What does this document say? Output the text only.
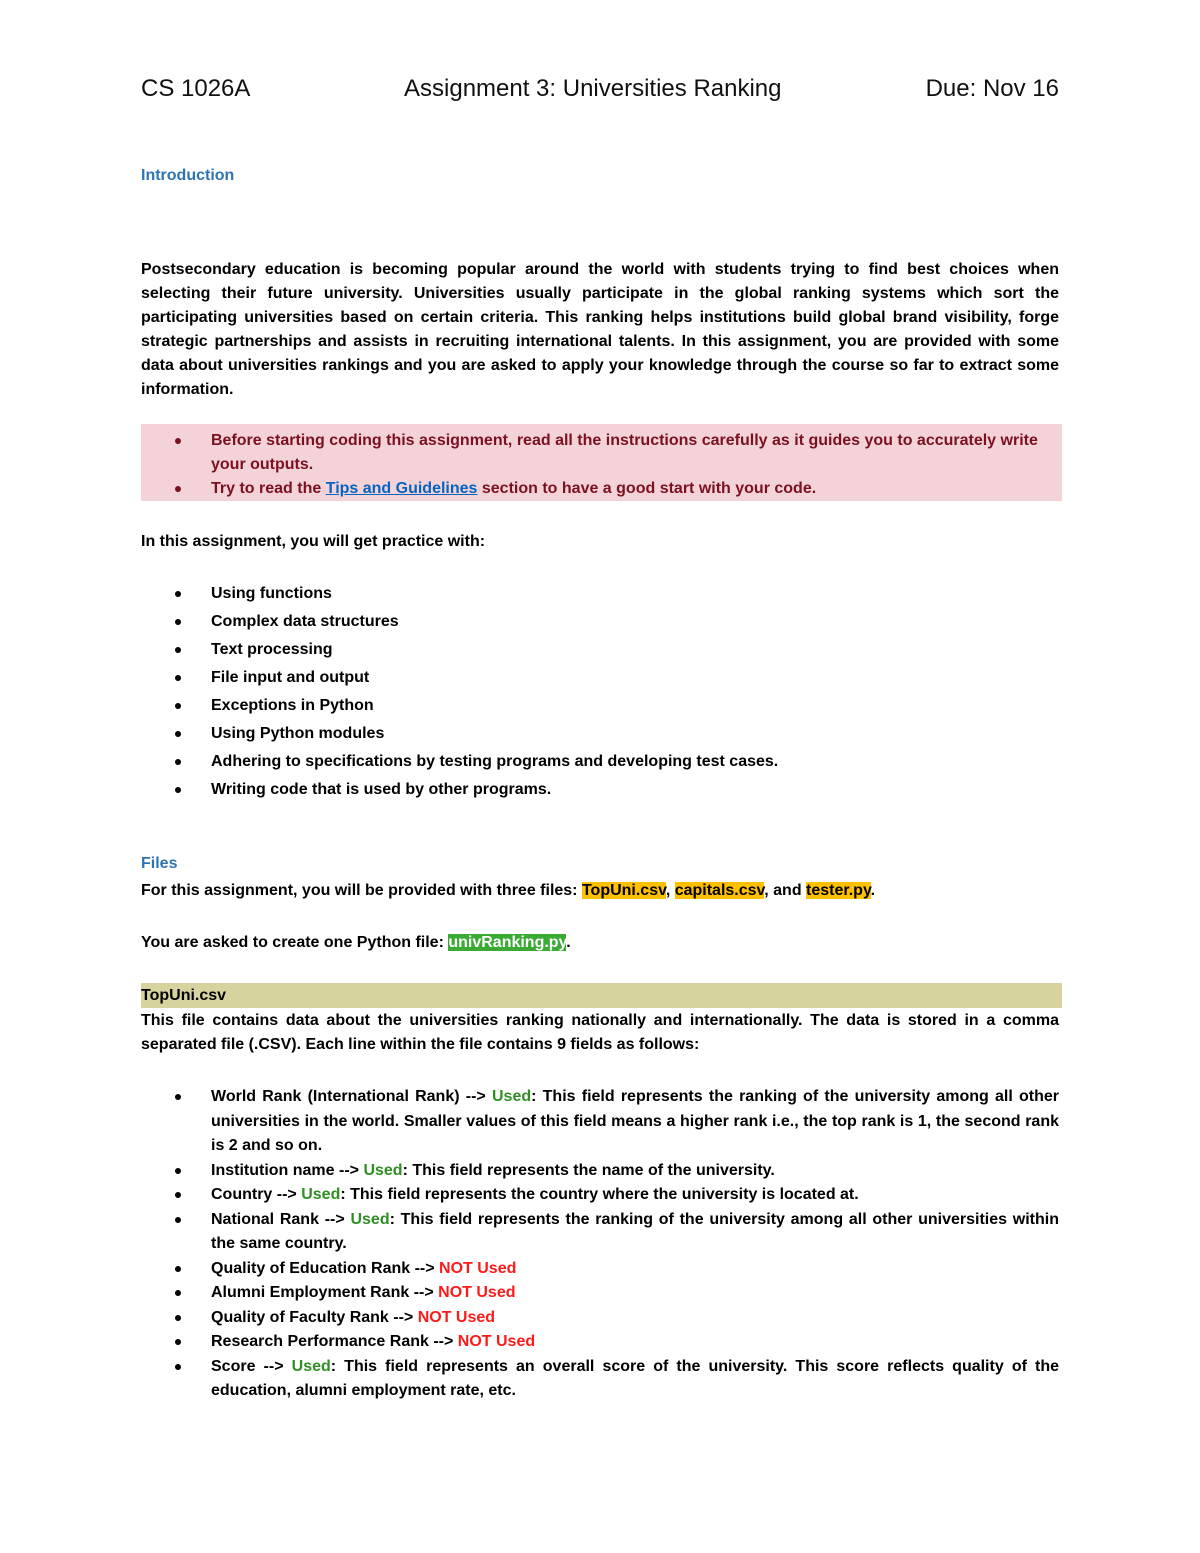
CS 1026A	Assignment 3: Universities Ranking	Due: Nov 16
Introduction
Postsecondary education is becoming popular around the world with students trying to find best choices when selecting their future university. Universities usually participate in the global ranking systems which sort the participating universities based on certain criteria. This ranking helps institutions build global brand visibility, forge strategic partnerships and assists in recruiting international talents. In this assignment, you are provided with some data about universities rankings and you are asked to apply your knowledge through the course so far to extract some information.
Before starting coding this assignment, read all the instructions carefully as it guides you to accurately write your outputs.
Try to read the Tips and Guidelines section to have a good start with your code.
In this assignment, you will get practice with:
Using functions
Complex data structures
Text processing
File input and output
Exceptions in Python
Using Python modules
Adhering to specifications by testing programs and developing test cases.
Writing code that is used by other programs.
Files
For this assignment, you will be provided with three files: TopUni.csv, capitals.csv, and tester.py.
You are asked to create one Python file: univRanking.py.
TopUni.csv
This file contains data about the universities ranking nationally and internationally. The data is stored in a comma separated file (.CSV). Each line within the file contains 9 fields as follows:
World Rank (International Rank) --> Used: This field represents the ranking of the university among all other universities in the world. Smaller values of this field means a higher rank i.e., the top rank is 1, the second rank is 2 and so on.
Institution name --> Used: This field represents the name of the university.
Country --> Used: This field represents the country where the university is located at.
National Rank --> Used: This field represents the ranking of the university among all other universities within the same country.
Quality of Education Rank --> NOT Used
Alumni Employment Rank --> NOT Used
Quality of Faculty Rank --> NOT Used
Research Performance Rank --> NOT Used
Score --> Used: This field represents an overall score of the university. This score reflects quality of the education, alumni employment rate, etc.
